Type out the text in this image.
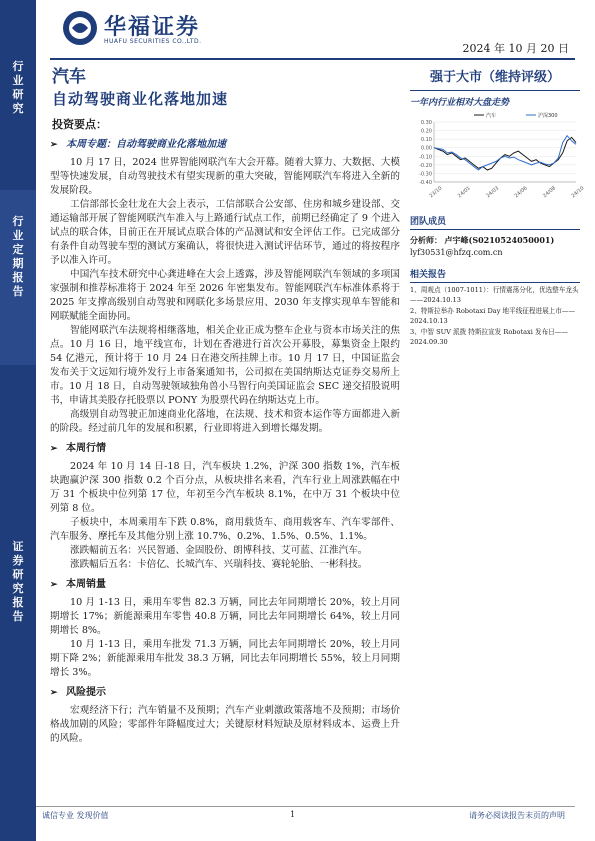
行业研究
行业定期报告
证券研究报告
华福证券
HUAFU SECURITIES CO.,LTD.
2024 年 10 月 20 日
汽车
自动驾驶商业化落地加速
投资要点：
➢ 本周专题：自动驾驶商业化落地加速

10 月 17 日，2024 世界智能网联汽车大会开幕。随着大算力、大数据、大模型等快速发展，自动驾驶技术有望实现新的重大突破，智能网联汽车将进入全新的发展阶段。

工信部部长金壮龙在大会上表示，工信部联合公安部、住房和城乡建设部、交通运输部开展了智能网联汽车准入与上路通行试点工作，前期已经确定了 9 个进入试点的联合体，目前正在开展试点联合体的产品测试和安全评估工作。已完成部分有条件自动驾驶车型的测试方案确认，将很快进入测试评估环节，通过的将按程序予以准入许可。

中国汽车技术研究中心龚进峰在大会上透露，涉及智能网联汽车领域的多项国家强制和推荐标准将于 2024 年至 2026 年密集发布。智能网联汽车标准体系将于 2025 年支撑高级别自动驾驶和网联化多场景应用、2030 年支撑实现单车智能和网联赋能全面协同。

智能网联汽车法规将相继落地，相关企业正成为整车企业与资本市场关注的焦点。10 月 16 日，地平线宣布，计划在香港进行首次公开募股，募集资金上限约 54 亿港元，预计将于 10 月 24 日在港交所挂牌上市。10 月 17 日，中国证监会发布关于文远知行境外发行上市备案通知书，公司拟在美国纳斯达克证券交易所上市。10 月 18 日，自动驾驶领域独角兽小马智行向美国证监会 SEC 递交招股说明书，申请其美股存托股票以 PONY 为股票代码在纳斯达克上市。

高级别自动驾驶正加速商业化落地，在法规、技术和资本运作等方面都进入新的阶段。经过前几年的发展和积累，行业即将进入到增长爆发期。

➢ 本周行情

2024 年 10 月 14 日-18 日，汽车板块 1.2%，沪深 300 指数 1%，汽车板块跑赢沪深 300 指数 0.2 个百分点，从板块排名来看，汽车行业上周涨跌幅在中万 31 个板块中位列第 17 位，年初至今汽车板块 8.1%，在中万 31 个板块中位列第 8 位。

子板块中，本周乘用车下跌 0.8%，商用载货车、商用载客车、汽车零部件、汽车服务、摩托车及其他分别上涨 10.7%、0.2%、1.5%、0.5%、1.1%。

涨跌幅前五名：兴民智通、金固股份、朗博科技、艾可蓝、江淮汽车。

涨跌幅后五名：卡倍亿、长城汽车、兴瑞科技、赛轮轮胎、一彬科技。

➢ 本周销量

10 月 1-13 日，乘用车零售 82.3 万辆，同比去年同期增长 20%，较上月同期增长 17%；新能源乘用车零售 40.8 万辆，同比去年同期增长 64%，较上月同期增长 8%。

10 月 1-13 日，乘用车批发 71.3 万辆，同比去年同期增长 20%，较上月同期下降 2%；新能源乘用车批发 38.3 万辆，同比去年同期增长 55%，较上月同期增长 3%。

➢ 风险提示

宏观经济下行；汽车销量不及预期；汽车产业刺激政策落地不及预期；市场价格战加剧的风险；零部件年降幅度过大；关键原材料短缺及原材料成本、运费上升的风险。

强于大市（维持评级）
一年内行业相对大盘走势
0.30
0.20
0.10
0.00
-0.10
-0.20
-0.30
-0.40
23/10	24/01	24/03	24/06	24/08	24/10
汽车	沪深300
团队成员
分析师： 卢宇峰(S0210524050001)
lyf30531@hfzq.com.cn
相关报告
1、周观点（1007-1011）：行情震荡分化，优选整车龙头——2024.10.13
2、特斯拉举办 Robotaxi Day 地平线征程进展上市——2024.10.13
3、中智 SUV 派拨 特斯拉宣发 Robotaxi 发布日——2024.09.30
诚信专业 发现价值	1	请务必阅读报告末页的声明
